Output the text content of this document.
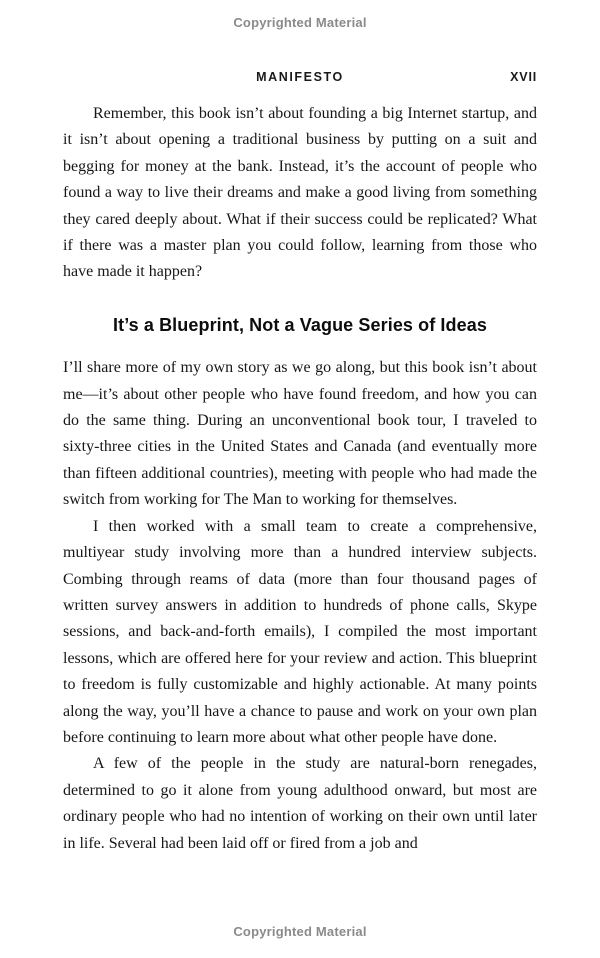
Copyrighted Material
MANIFESTO	XVII

Remember, this book isn’t about founding a big Internet startup, and it isn’t about opening a traditional business by putting on a suit and begging for money at the bank. Instead, it’s the account of people who found a way to live their dreams and make a good living from something they cared deeply about. What if their success could be replicated? What if there was a master plan you could follow, learning from those who have made it happen?

It’s a Blueprint, Not a Vague Series of Ideas

I’ll share more of my own story as we go along, but this book isn’t about me—it’s about other people who have found freedom, and how you can do the same thing. During an unconventional book tour, I traveled to sixty-three cities in the United States and Canada (and eventually more than fifteen additional countries), meeting with people who had made the switch from working for The Man to working for themselves.

I then worked with a small team to create a comprehensive, multiyear study involving more than a hundred interview subjects. Combing through reams of data (more than four thousand pages of written survey answers in addition to hundreds of phone calls, Skype sessions, and back-and-forth emails), I compiled the most important lessons, which are offered here for your review and action. This blueprint to freedom is fully customizable and highly actionable. At many points along the way, you’ll have a chance to pause and work on your own plan before continuing to learn more about what other people have done.

A few of the people in the study are natural-born renegades, determined to go it alone from young adulthood onward, but most are ordinary people who had no intention of working on their own until later in life. Several had been laid off or fired from a job and

Copyrighted Material
